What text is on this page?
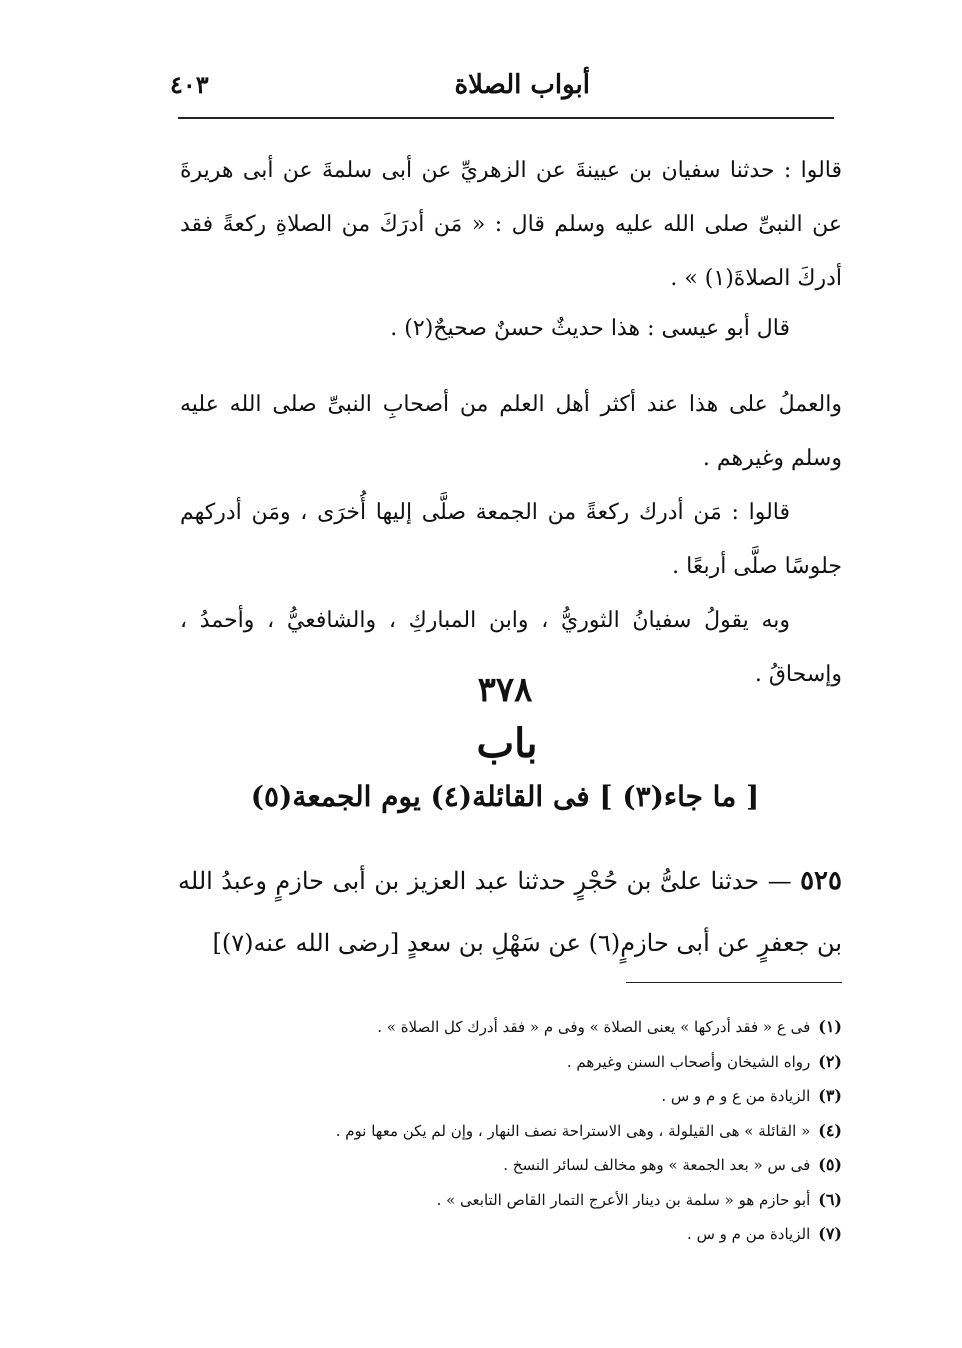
أبواب الصلاة
٤٠٣

قالوا : حدثنا سفيان بن عيينةَ عن الزهريِّ عن أبى سلمةَ عن أبى هريرةَ عن النبىِّ صلى الله عليه وسلم قال : « مَن أدرَكَ من الصلاةِ ركعةً فقد أدركَ الصلاةَ(١) » .

قال أبو عيسى : هذا حديثٌ حسنٌ صحيحٌ(٢) .

والعملُ على هذا عند أكثر أهل العلم من أصحابِ النبىِّ صلى الله عليه وسلم وغيرهم .

قالوا : مَن أدرك ركعةً من الجمعة صلَّى إليها أُخرَى ، ومَن أدركهم جلوسًا صلَّى أربعًا .

وبه يقولُ سفيانُ الثوريُّ ، وابن المباركِ ، والشافعيُّ ، وأحمدُ ، وإسحاقُ .

٣٧٨
باب
[ ما جاء(٣) ] فى القائلة(٤) يوم الجمعة(٥)

٥٢٥ — حدثنا علىُّ بن حُجْرٍ حدثنا عبد العزيز بن أبى حازمٍ وعبدُ الله بن جعفرٍ عن أبى حازمٍ(٦) عن سَهْلِ بن سعدٍ [رضى الله عنه(٧)]

(١)فى ع « فقد أدركها » يعنى الصلاة » وفى م « فقد أدرك كل الصلاة » .
(٢)رواه الشيخان وأصحاب السنن وغيرهم .
(٣)الزيادة من ع و م و س .
(٤)« القائلة » هى القيلولة ، وهى الاستراحة نصف النهار ، وإن لم يكن معها نوم .
(٥)فى س « بعد الجمعة » وهو مخالف لسائر النسخ .
(٦)أبو حازم هو « سلمة بن دينار الأعرج التمار القاص التابعى » .
(٧)الزيادة من م و س .
